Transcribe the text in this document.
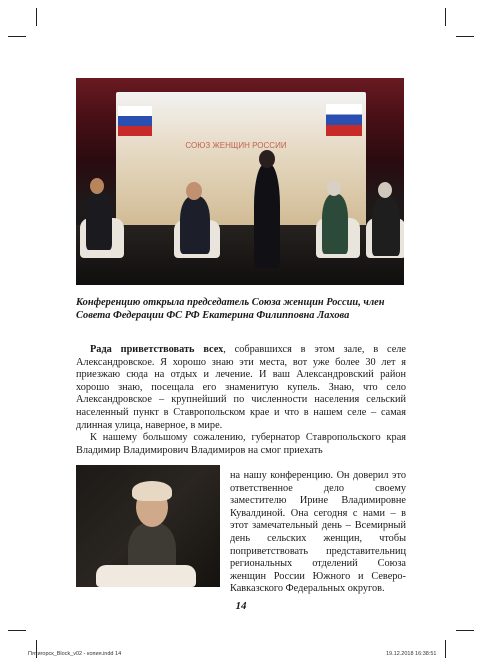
СОЮЗ ЖЕНЩИН РОССИИ
Конференцию открыла председатель Союза женщин России, член Совета Федерации ФС РФ Екатерина Филипповна Лахова

Рада приветствовать всех, собравшихся в этом зале, в селе Александровское. Я хорошо знаю эти места, вот уже более 30 лет я приезжаю сюда на отдых и лечение. И ваш Александровский район хорошо знаю, посещала его знаменитую купель. Знаю, что село Александровское – крупнейший по численности населения сельский населенный пункт в Ставропольском крае и что в нашем селе – самая длинная улица, наверное, в мире.

К нашему большому сожалению, губернатор Ставропольского края Владимир Владимирович Владимиров на смог приехать

на нашу конференцию. Он доверил это ответственное дело своему заместителю Ирине Владимировне Кувалдиной. Она сегодня с нами – в этот замечательный день – Всемирный день сельских женщин, чтобы поприветствовать представительниц региональных отделений Союза женщин России Южного и Северо-Кавказского Федеральных округов.

14
Пятигорск_Block_v02 - копия.indd 14	19.12.2018 16:38:51
